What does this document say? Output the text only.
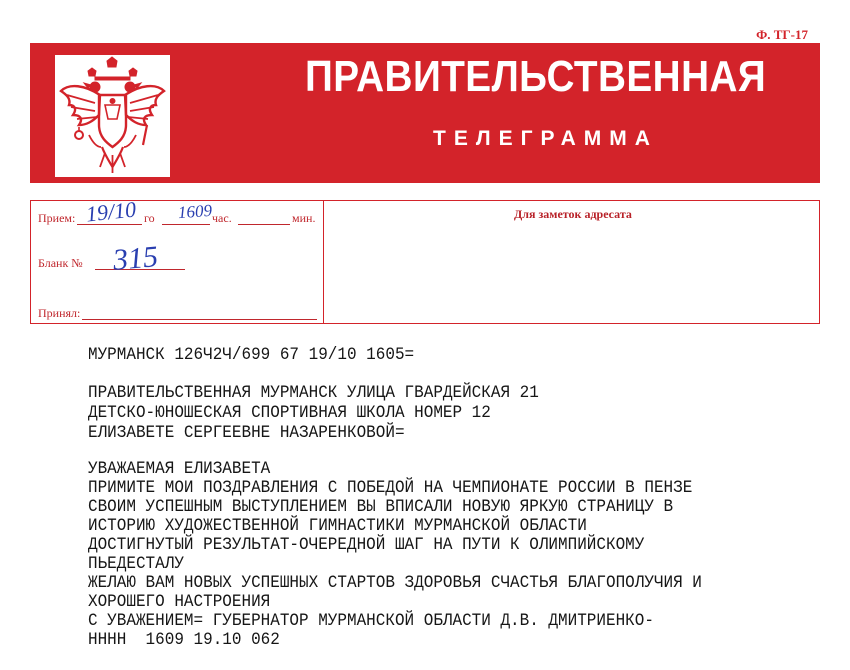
Ф. ТГ-17
ПРАВИТЕЛЬСТВЕННАЯ
ТЕЛЕГРАММА
Прием: 19/10 го 1609 час.	мин.
Бланк № 315
Принял:
Для заметок адресата
МУРМАНСК 126Ч2Ч/699 67 19/10 1605=
ПРАВИТЕЛЬСТВЕННАЯ МУРМАНСК УЛИЦА ГВАРДЕЙСКАЯ 21
ДЕТСКО-ЮНОШЕСКАЯ СПОРТИВНАЯ ШКОЛА НОМЕР 12
ЕЛИЗАВЕТЕ СЕРГЕЕВНЕ НАЗАРЕНКОВОЙ=
УВАЖАЕМАЯ ЕЛИЗАВЕТА
ПРИМИТЕ МОИ ПОЗДРАВЛЕНИЯ С ПОБЕДОЙ НА ЧЕМПИОНАТЕ РОССИИ В ПЕНЗЕ
СВОИМ УСПЕШНЫМ ВЫСТУПЛЕНИЕМ ВЫ ВПИСАЛИ НОВУЮ ЯРКУЮ СТРАНИЦУ В
ИСТОРИЮ ХУДОЖЕСТВЕННОЙ ГИМНАСТИКИ МУРМАНСКОЙ ОБЛАСТИ
ДОСТИГНУТЫЙ РЕЗУЛЬТАТ-ОЧЕРЕДНОЙ ШАГ НА ПУТИ К ОЛИМПИЙСКОМУ
ПЬЕДЕСТАЛУ
ЖЕЛАЮ ВАМ НОВЫХ УСПЕШНЫХ СТАРТОВ ЗДОРОВЬЯ СЧАСТЬЯ БЛАГОПОЛУЧИЯ И
ХОРОШЕГО НАСТРОЕНИЯ
С УВАЖЕНИЕМ= ГУБЕРНАТОР МУРМАНСКОЙ ОБЛАСТИ Д.В. ДМИТРИЕНКО-
НННН  1609 19.10 062
